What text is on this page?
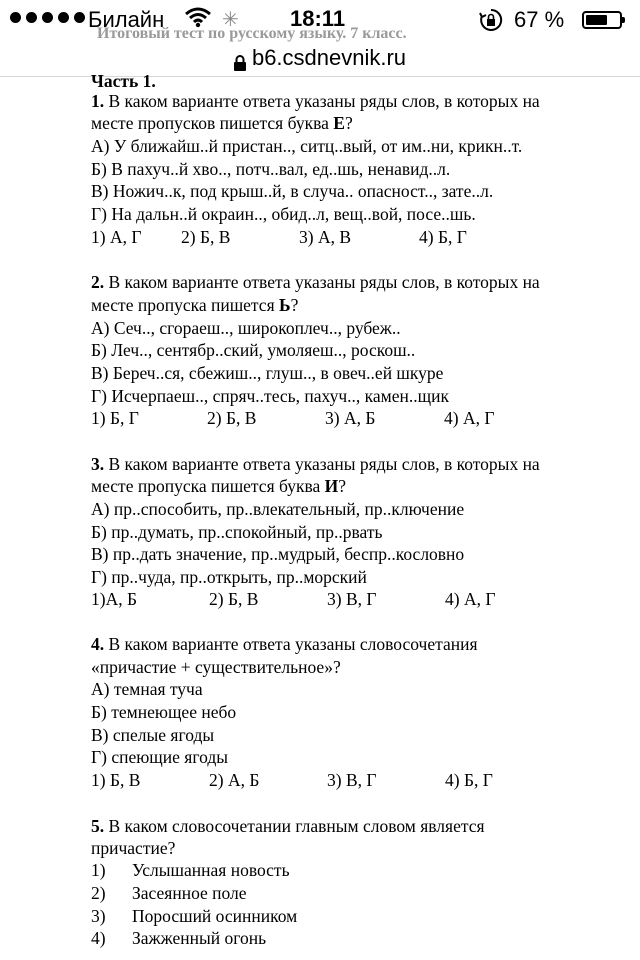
Билайн	✳ 18:11	67 %
b6.csdnevnik.ru
Итоговый тест по русскому языку. 7 класс.
Часть 1.
1. В каком варианте ответа указаны ряды слов, в которых на
месте пропусков пишется буква Е?
А) У ближайш..й пристан.., ситц..вый, от им..ни, крикн..т.
Б) В пахуч..й хво.., потч..вал, ед..шь, ненавид..л.
В) Ножич..к, под крыш..й, в случа.. опасност.., зате..л.
Г) На дальн..й окраин.., обид..л, вещ..вой, посе..шь.
1) А, Г 2) Б, В	3) А, В	4) Б, Г
2. В каком варианте ответа указаны ряды слов, в которых на
месте пропуска пишется Ь?
А) Сеч.., сгораеш.., широкоплеч.., рубеж..
Б) Леч.., сентябр..ский, умоляеш.., роскош..
В) Береч..ся, сбежиш.., глуш.., в овеч..ей шкуре
Г) Исчерпаеш.., спряч..тесь, пахуч.., камен..щик
1) Б, Г	2) Б, В	3) А, Б	4) А, Г
3. В каком варианте ответа указаны ряды слов, в которых на
месте пропуска пишется буква И?
А) пр..способить, пр..влекательный, пр..ключение
Б) пр..думать, пр..спокойный, пр..рвать
В) пр..дать значение, пр..мудрый, беспр..кословно
Г) пр..чуда, пр..открыть, пр..морский
1)А, Б	2) Б, В	3) В, Г	4) А, Г
4. В каком варианте ответа указаны словосочетания
«причастие + существительное»?
А) темная туча
Б) темнеющее небо
В) спелые ягоды
Г) спеющие ягоды
1) Б, В	2) А, Б	3) В, Г	4) Б, Г
5. В каком словосочетании главным словом является
причастие?
1) Услышанная новость
2) Засеянное поле
3) Поросший осинником
4) Зажженный огонь
